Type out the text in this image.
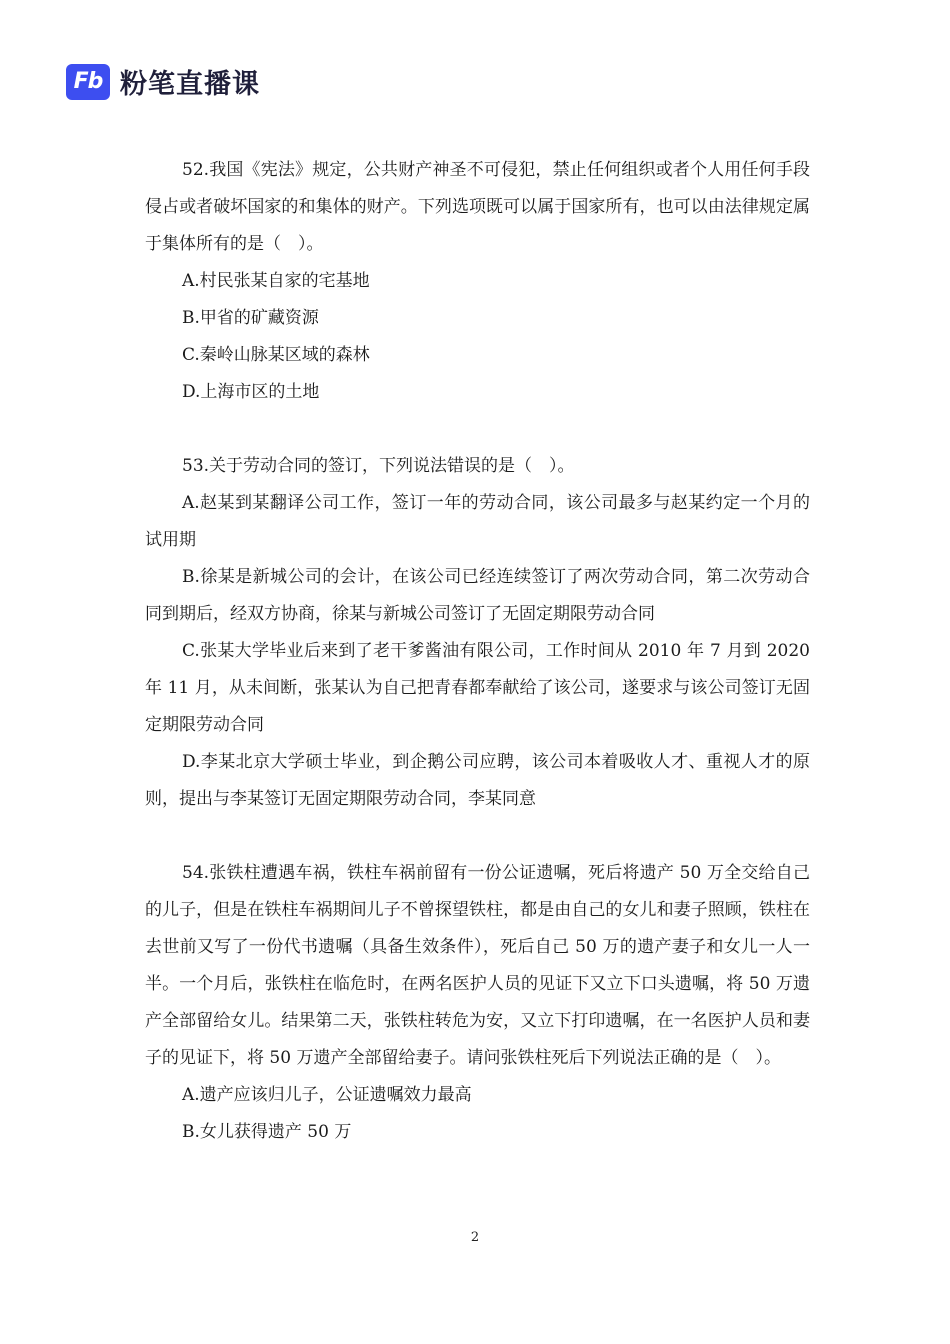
Fb 粉笔直播课

52.我国《宪法》规定，公共财产神圣不可侵犯，禁止任何组织或者个人用任何手段侵占或者破坏国家的和集体的财产。下列选项既可以属于国家所有，也可以由法律规定属于集体所有的是（　）。

A.村民张某自家的宅基地

B.甲省的矿藏资源

C.秦岭山脉某区域的森林

D.上海市区的土地

53.关于劳动合同的签订，下列说法错误的是（　）。

A.赵某到某翻译公司工作，签订一年的劳动合同，该公司最多与赵某约定一个月的试用期

B.徐某是新城公司的会计，在该公司已经连续签订了两次劳动合同，第二次劳动合同到期后，经双方协商，徐某与新城公司签订了无固定期限劳动合同

C.张某大学毕业后来到了老干爹酱油有限公司，工作时间从 2010 年 7 月到 2020 年 11 月，从未间断，张某认为自己把青春都奉献给了该公司，遂要求与该公司签订无固定期限劳动合同

D.李某北京大学硕士毕业，到企鹅公司应聘，该公司本着吸收人才、重视人才的原则，提出与李某签订无固定期限劳动合同，李某同意

54.张铁柱遭遇车祸，铁柱车祸前留有一份公证遗嘱，死后将遗产 50 万全交给自己的儿子，但是在铁柱车祸期间儿子不曾探望铁柱，都是由自己的女儿和妻子照顾，铁柱在去世前又写了一份代书遗嘱（具备生效条件），死后自己 50 万的遗产妻子和女儿一人一半。一个月后，张铁柱在临危时，在两名医护人员的见证下又立下口头遗嘱，将 50 万遗产全部留给女儿。结果第二天，张铁柱转危为安，又立下打印遗嘱，在一名医护人员和妻子的见证下，将 50 万遗产全部留给妻子。请问张铁柱死后下列说法正确的是（　）。

A.遗产应该归儿子，公证遗嘱效力最高

B.女儿获得遗产 50 万

2
